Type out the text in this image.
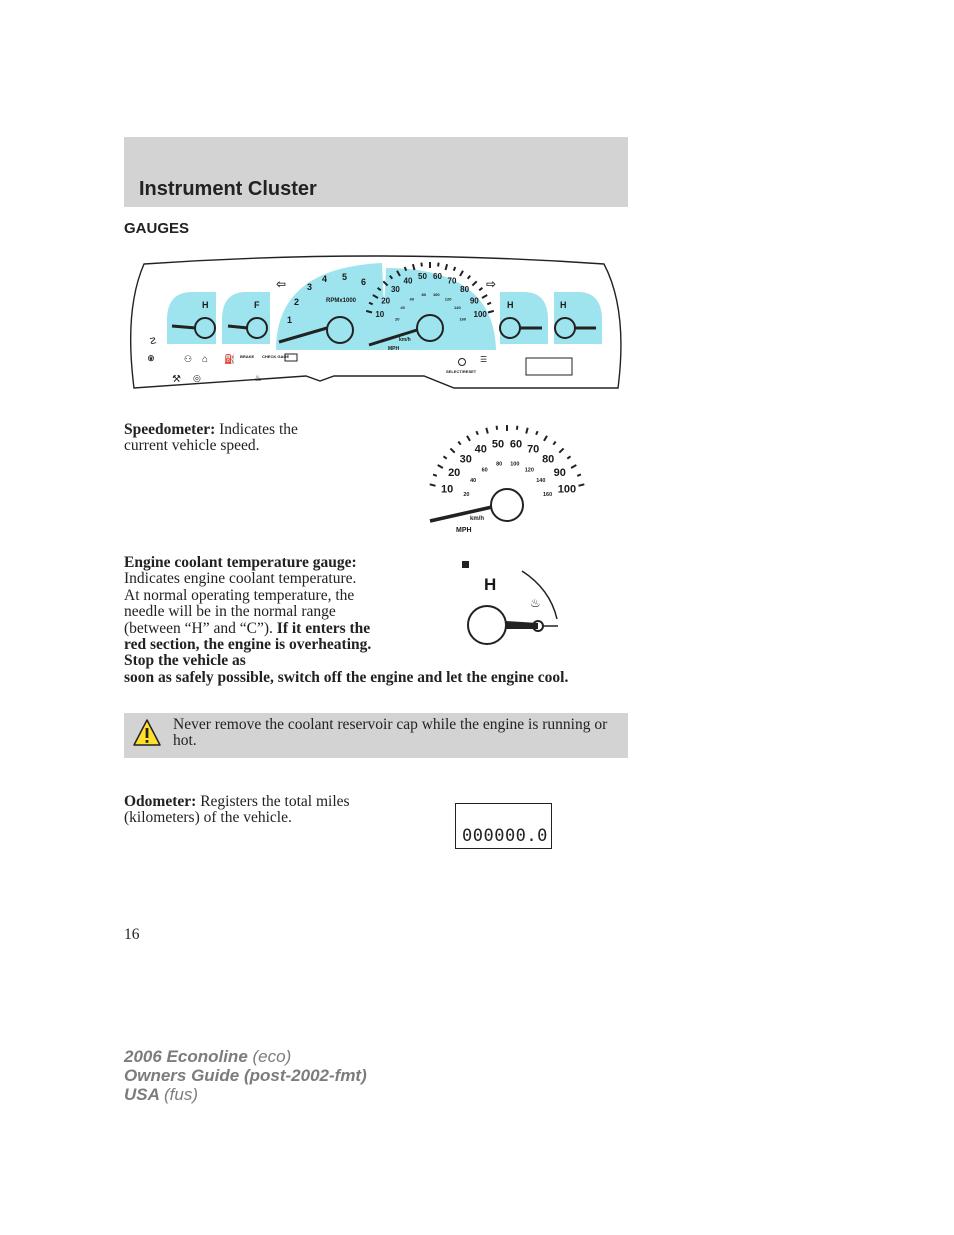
Instrument Cluster
GAUGES
H	F	H	H
RPMx1000
1
2
3
4 5 6
10
20
30
40 50 60 70
80
90
100
20
40
60
80 100
120
140
160
km/h
MPH
⇦	⇨
☡
⍟	⚇ ⌂ ⛽ BRAKE CHECK GAGE
⚒ ◎	♨
☰
SELECT/RESET
Speedometer: Indicates the current vehicle speed.
10
20
30
40 50 60 70
80
90
100
20
40
60
80 100
120
140
160
km/h
MPH
Engine coolant temperature gauge: Indicates engine coolant temperature. At normal operating temperature, the needle will be in the normal range (between “H” and “C”). If it enters the red section, the engine is overheating. Stop the vehicle as
soon as safely possible, switch off the engine and let the engine cool.
H
♨
Never remove the coolant reservoir cap while the engine is running or hot.
Odometer: Registers the total miles (kilometers) of the vehicle.
000000.0
16
2006 Econoline (eco)
Owners Guide (post-2002-fmt)
USA (fus)
